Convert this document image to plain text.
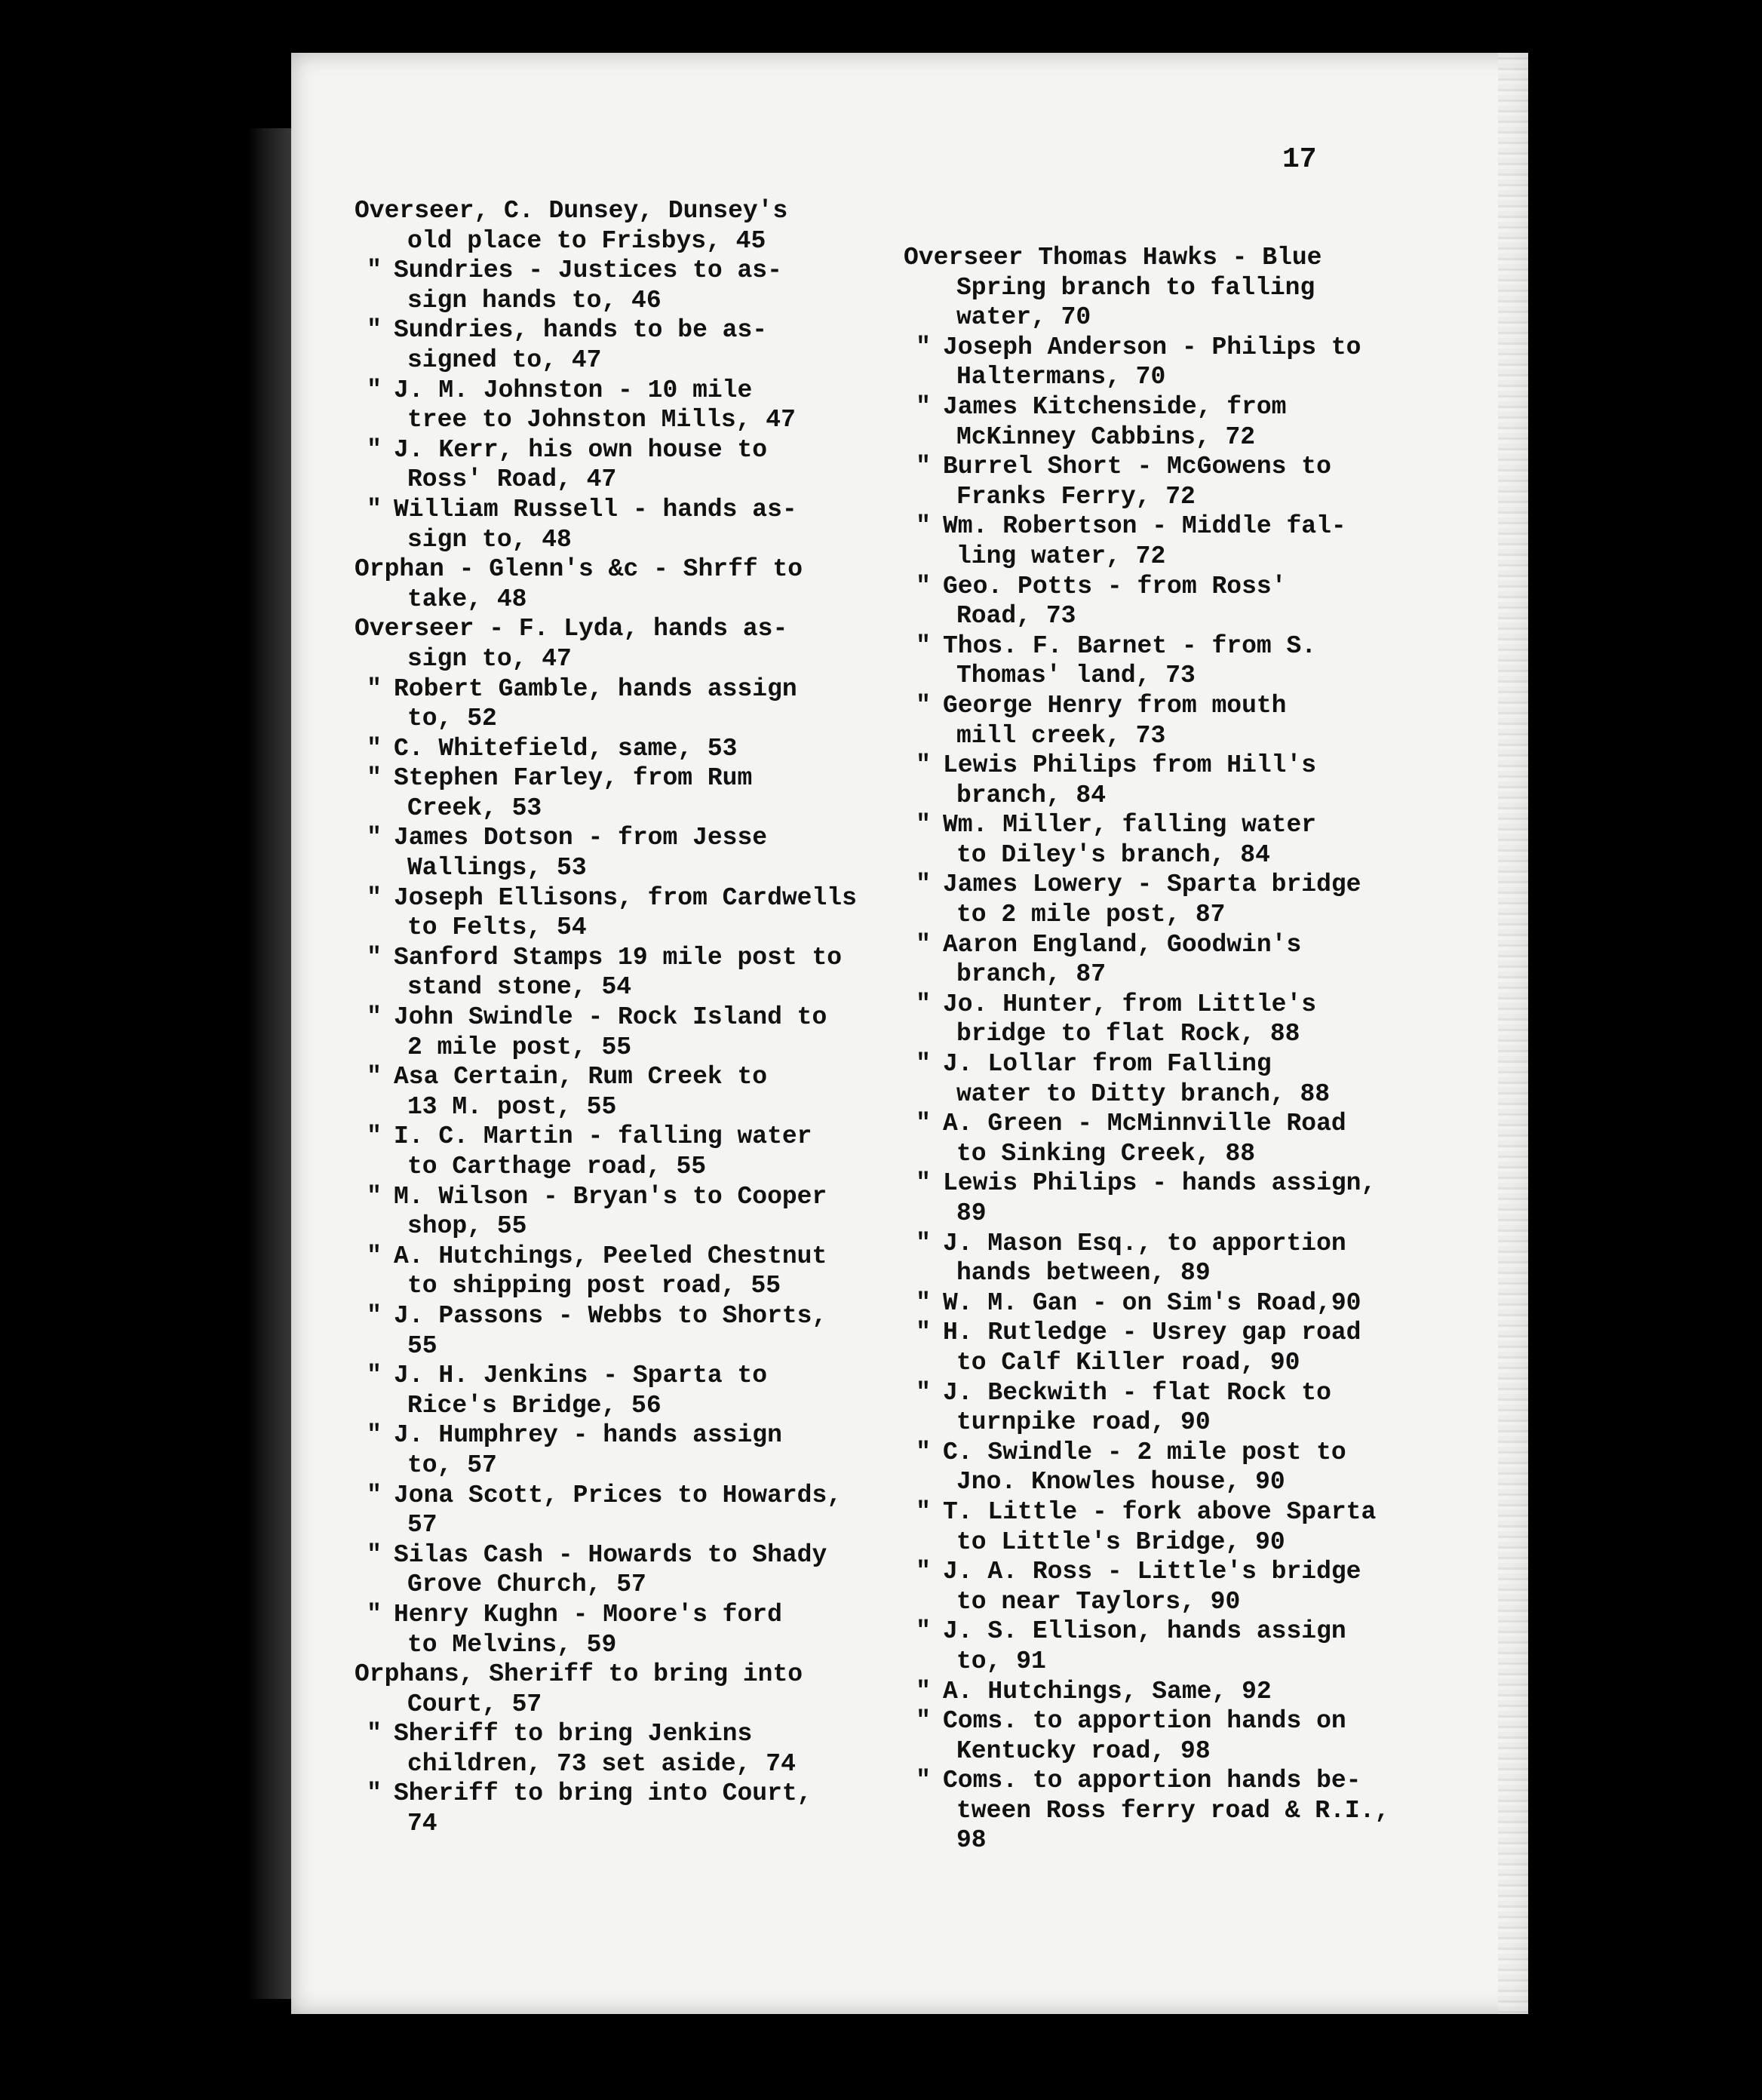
17
Overseer, C. Dunsey, Dunsey's
old place to Frisbys, 45
" Sundries - Justices to as-
sign hands to, 46
" Sundries, hands to be as-
signed to, 47
" J. M. Johnston - 10 mile
tree to Johnston Mills, 47
" J. Kerr, his own house to
Ross' Road, 47
" William Russell - hands as-
sign to, 48
Orphan - Glenn's &c - Shrff to
take, 48
Overseer - F. Lyda, hands as-
sign to, 47
" Robert Gamble, hands assign
to, 52
" C. Whitefield, same, 53
" Stephen Farley, from Rum
Creek, 53
" James Dotson - from Jesse
Wallings, 53
" Joseph Ellisons, from Cardwells
to Felts, 54
" Sanford Stamps 19 mile post to
stand stone, 54
" John Swindle - Rock Island to
2 mile post, 55
" Asa Certain, Rum Creek to
13 M. post, 55
" I. C. Martin - falling water
to Carthage road, 55
" M. Wilson - Bryan's to Cooper
shop, 55
" A. Hutchings, Peeled Chestnut
to shipping post road, 55
" J. Passons - Webbs to Shorts,
55
" J. H. Jenkins - Sparta to
Rice's Bridge, 56
" J. Humphrey - hands assign
to, 57
" Jona Scott, Prices to Howards,
57
" Silas Cash - Howards to Shady
Grove Church, 57
" Henry Kughn - Moore's ford
to Melvins, 59
Orphans, Sheriff to bring into
Court, 57
" Sheriff to bring Jenkins
children, 73 set aside, 74
" Sheriff to bring into Court,
74
Overseer Thomas Hawks - Blue
Spring branch to falling
water, 70
" Joseph Anderson - Philips to
Haltermans, 70
" James Kitchenside, from
McKinney Cabbins, 72
" Burrel Short - McGowens to
Franks Ferry, 72
" Wm. Robertson - Middle fal-
ling water, 72
" Geo. Potts - from Ross'
Road, 73
" Thos. F. Barnet - from S.
Thomas' land, 73
" George Henry from mouth
mill creek, 73
" Lewis Philips from Hill's
branch, 84
" Wm. Miller, falling water
to Diley's branch, 84
" James Lowery - Sparta bridge
to 2 mile post, 87
" Aaron England, Goodwin's
branch, 87
" Jo. Hunter, from Little's
bridge to flat Rock, 88
" J. Lollar from Falling
water to Ditty branch, 88
" A. Green - McMinnville Road
to Sinking Creek, 88
" Lewis Philips - hands assign,
89
" J. Mason Esq., to apportion
hands between, 89
" W. M. Gan - on Sim's Road,90
" H. Rutledge - Usrey gap road
to Calf Killer road, 90
" J. Beckwith - flat Rock to
turnpike road, 90
" C. Swindle - 2 mile post to
Jno. Knowles house, 90
" T. Little - fork above Sparta
to Little's Bridge, 90
" J. A. Ross - Little's bridge
to near Taylors, 90
" J. S. Ellison, hands assign
to, 91
" A. Hutchings, Same, 92
" Coms. to apportion hands on
Kentucky road, 98
" Coms. to apportion hands be-
tween Ross ferry road & R.I.,
98
